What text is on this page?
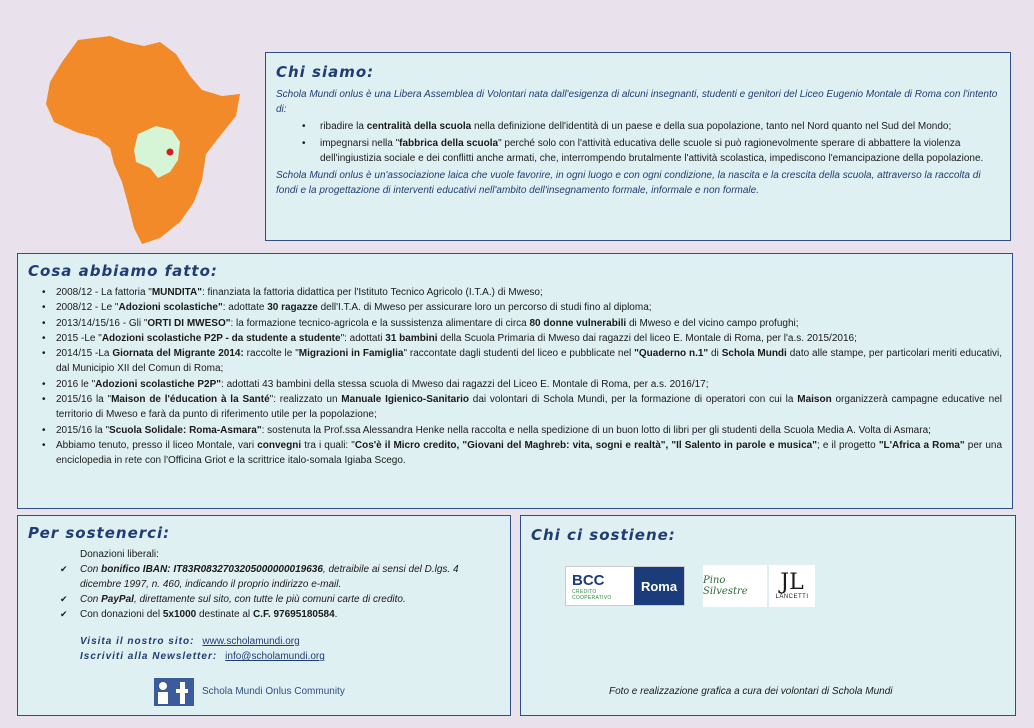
Chi siamo:

Schola Mundi onlus è una Libera Assemblea di Volontari nata dall'esigenza di alcuni insegnanti, studenti e genitori del Liceo Eugenio Montale di Roma con l'intento di:

• ribadire la centralità della scuola nella definizione dell'identità di un paese e della sua popolazione, tanto nel Nord quanto nel Sud del Mondo;
• impegnarsi nella "fabbrica della scuola" perché solo con l'attività educativa delle scuole si può ragionevolmente sperare di abbattere la violenza dell'ingiustizia sociale e dei conflitti anche armati, che, interrompendo brutalmente l'attività scolastica, impediscono l'emancipazione della popolazione.

Schola Mundi onlus è un'associazione laica che vuole favorire, in ogni luogo e con ogni condizione, la nascita e la crescita della scuola, attraverso la raccolta di fondi e la progettazione di interventi educativi nell'ambito dell'insegnamento formale, informale e non formale.

Cosa abbiamo fatto:
• 2008/12 - La fattoria "MUNDITA": finanziata la fattoria didattica per l'Istituto Tecnico Agricolo (I.T.A.) di Mweso;
• 2008/12 - Le "Adozioni scolastiche": adottate 30 ragazze dell'I.T.A. di Mweso per assicurare loro un percorso di studi fino al diploma;
• 2013/14/15/16 - Gli "ORTI DI MWESO": la formazione tecnico-agricola e la sussistenza alimentare di circa 80 donne vulnerabili di Mweso e del vicino campo profughi;
• 2015 -Le "Adozioni scolastiche P2P - da studente a studente": adottati 31 bambini della Scuola Primaria di Mweso dai ragazzi del liceo E. Montale di Roma, per l'a.s. 2015/2016;
• 2014/15 -La Giornata del Migrante 2014: raccolte le "Migrazioni in Famiglia" raccontate dagli studenti del liceo e pubblicate nel "Quaderno n.1" di Schola Mundi dato alle stampe, per particolari meriti educativi, dal Municipio XII del Comun di Roma;
• 2016 le "Adozioni scolastiche P2P": adottati 43 bambini della stessa scuola di Mweso dai ragazzi del Liceo E. Montale di Roma, per a.s. 2016/17;
• 2015/16 la "Maison de l'éducation à la Santé": realizzato un Manuale Igienico-Sanitario dai volontari di Schola Mundi, per la formazione di operatori con cui la Maison organizzerà campagne educative nel territorio di Mweso e farà da punto di riferimento utile per la popolazione;
• 2015/16 la "Scuola Solidale: Roma-Asmara": sostenuta la Prof.ssa Alessandra Henke nella raccolta e nella spedizione di un buon lotto di libri per gli studenti della Scuola Media A. Volta di Asmara;
• Abbiamo tenuto, presso il liceo Montale, vari convegni tra i quali: "Cos'è il Micro credito, "Giovani del Maghreb: vita, sogni e realtà", "Il Salento in parole e musica"; e il progetto "L'Africa a Roma" per una enciclopedia in rete con l'Officina Griot e la scrittrice italo-somala Igiaba Scego.
Per sostenerci:
Donazioni liberali:
✔ Con bonifico IBAN: IT83R0832703205000000019636, detraibile ai sensi del D.lgs. 4 dicembre 1997, n. 460, indicando il proprio indirizzo e-mail.
✔ Con PayPal, direttamente sul sito, con tutte le più comuni carte di credito.
✔ Con donazioni del 5x1000 destinate al C.F. 97695180584.
Visita il nostro sito: www.scholamundi.org
Iscriviti alla Newsletter: info@scholamundi.org
Schola Mundi Onlus Community
Chi ci sostiene:
BCC
CREDITO COOPERATIVO
Roma	Pino Silvestre	JL
LANCETTI
Foto e realizzazione grafica a cura dei volontari di Schola Mundi
